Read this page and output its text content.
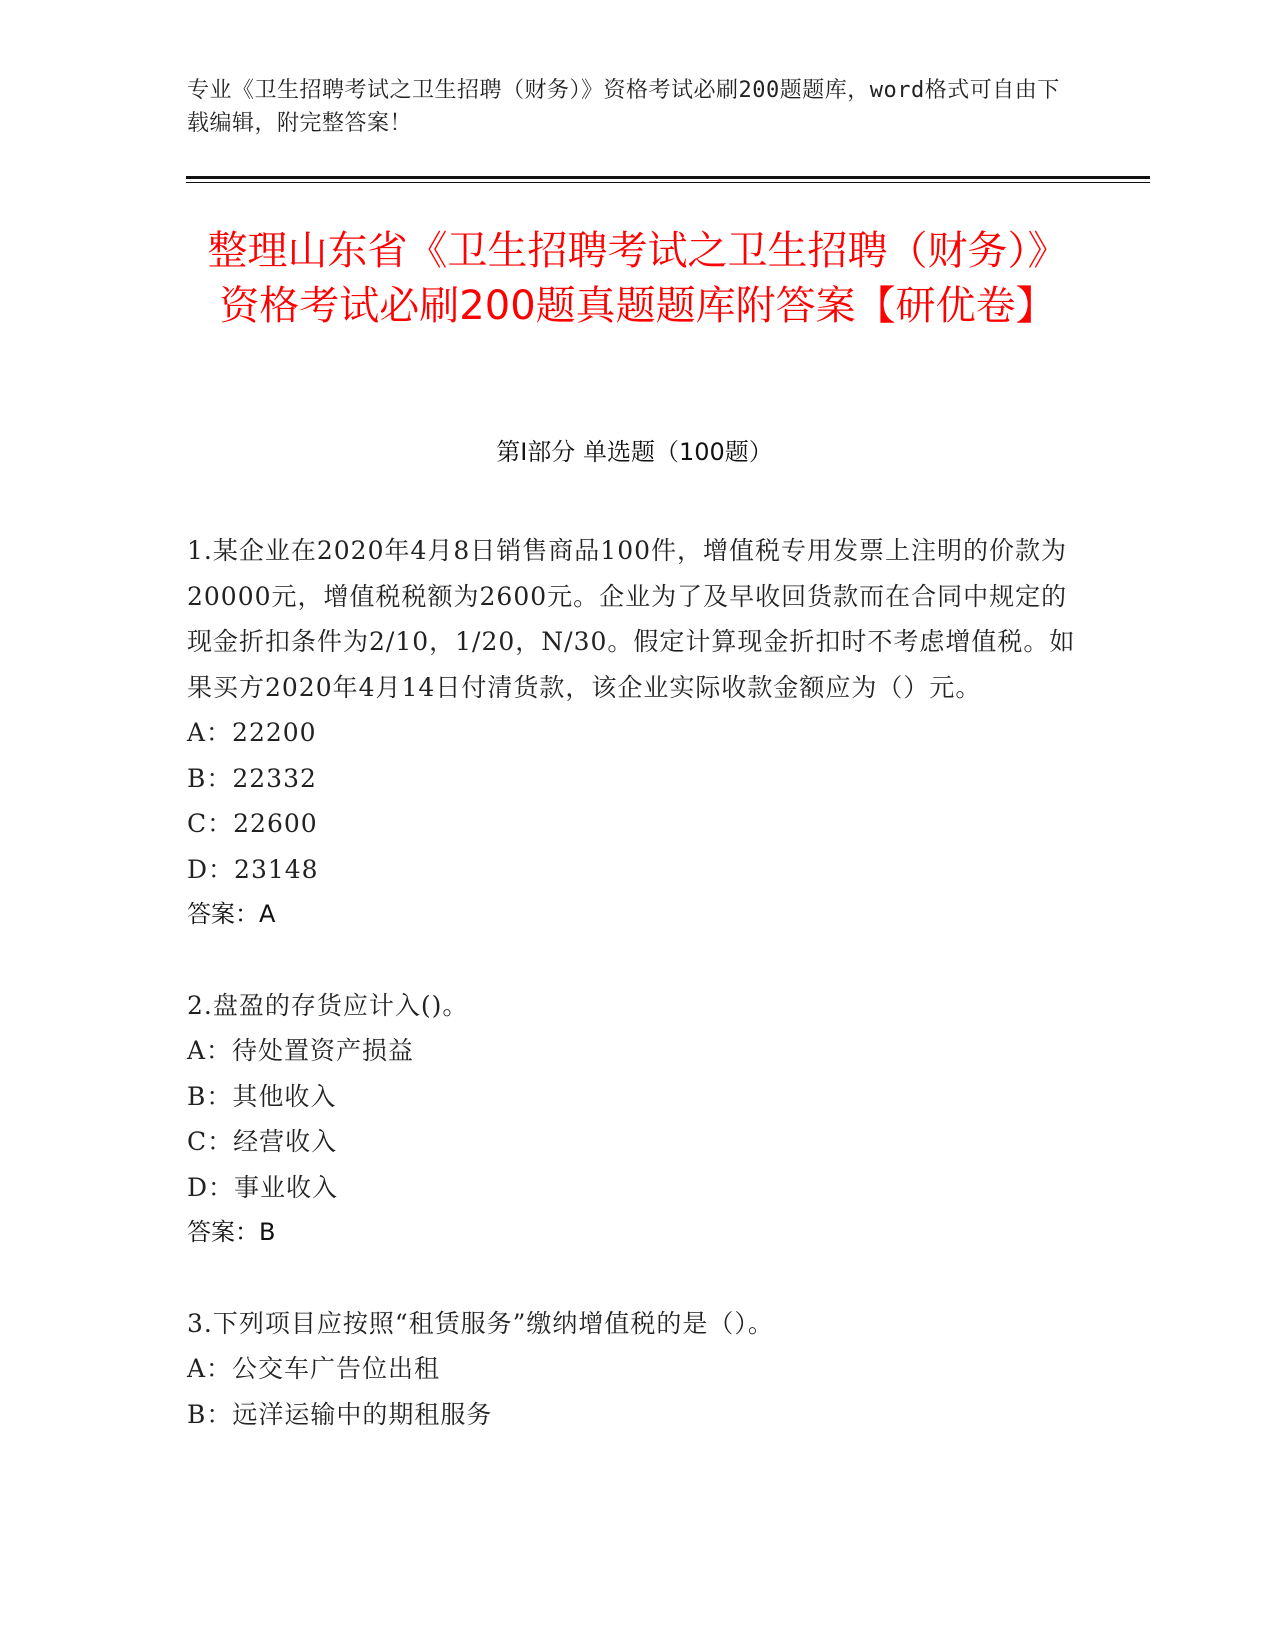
专业《卫生招聘考试之卫生招聘（财务）》资格考试必刷200题题库，word格式可自由下载编辑，附完整答案！
整理山东省《卫生招聘考试之卫生招聘（财务）》资格考试必刷200题真题题库附答案【研优卷】
第Ⅰ部分 单选题（100题）
1.某企业在2020年4月8日销售商品100件，增值税专用发票上注明的价款为20000元，增值税税额为2600元。企业为了及早收回货款而在合同中规定的现金折扣条件为2/10，1/20，N/30。假定计算现金折扣时不考虑增值税。如果买方2020年4月14日付清货款，该企业实际收款金额应为（）元。
A：22200
B：22332
C：22600
D：23148
答案：A
2.盘盈的存货应计入()。
A：待处置资产损益
B：其他收入
C：经营收入
D：事业收入
答案：B
3.下列项目应按照“租赁服务”缴纳增值税的是（）。
A：公交车广告位出租
B：远洋运输中的期租服务
